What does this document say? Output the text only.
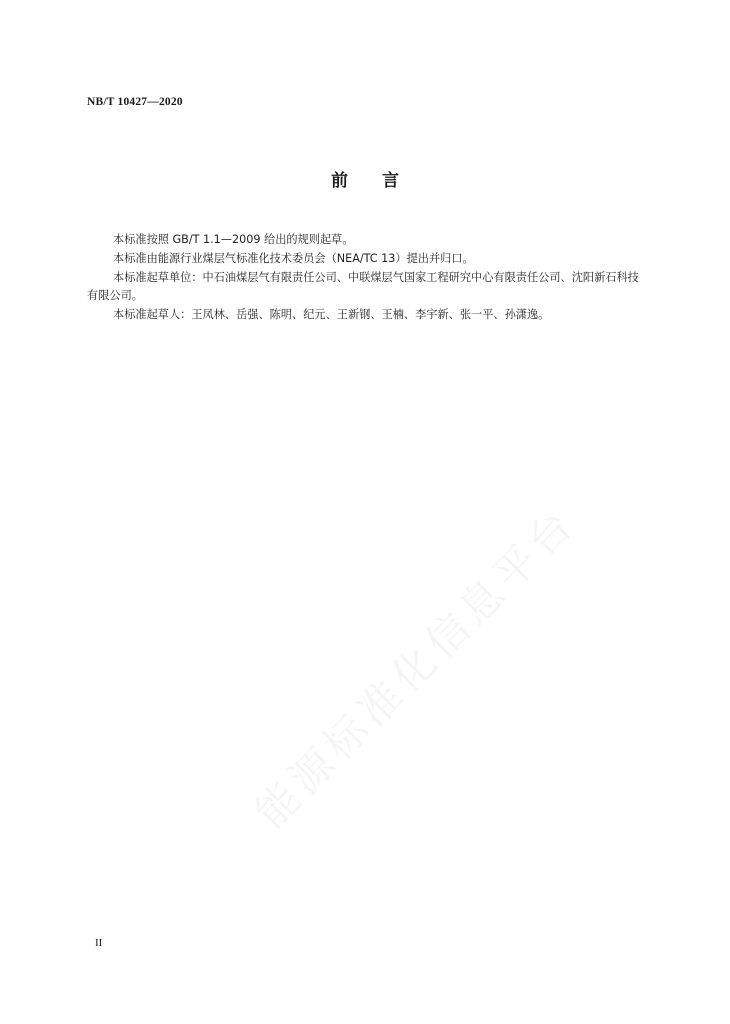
NB/T 10427—2020
前言

本标准按照 GB/T 1.1—2009 给出的规则起草。

本标准由能源行业煤层气标准化技术委员会（NEA/TC 13）提出并归口。

本标准起草单位：中石油煤层气有限责任公司、中联煤层气国家工程研究中心有限责任公司、沈阳新石科技有限公司。

本标准起草人：王凤林、岳强、陈明、纪元、王新钢、王楠、李宇新、张一平、孙潇逸。

II
